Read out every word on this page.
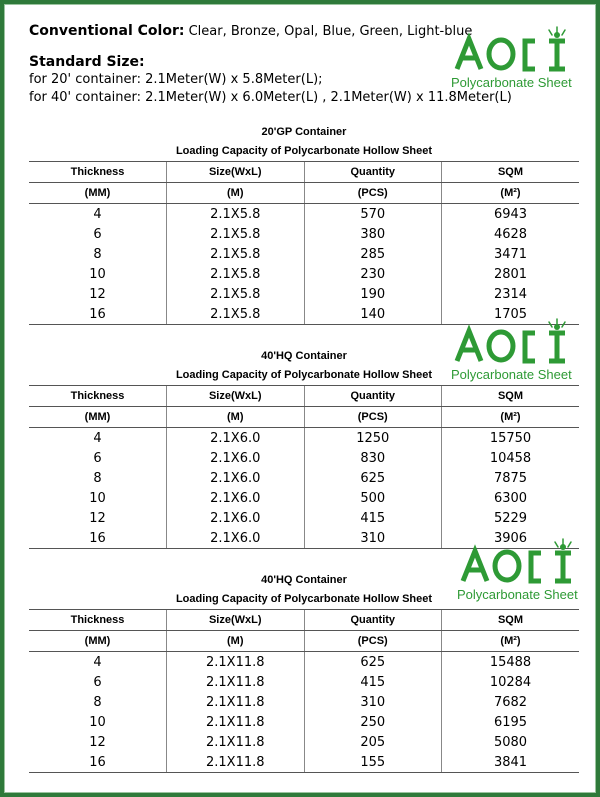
Conventional Color: Clear, Bronze, Opal, Blue, Green, Light-blue
Standard Size:
for 20' container: 2.1Meter(W) x 5.8Meter(L);
for 40' container: 2.1Meter(W) x 6.0Meter(L) , 2.1Meter(W) x 11.8Meter(L)
20'GP Container
Loading Capacity of Polycarbonate Hollow Sheet
Thickness	Size(WxL)	Quantity	SQM
(MM)	(M)	(PCS)	(M²)
4	2.1X5.8	570	6943
6	2.1X5.8	380	4628
8	2.1X5.8	285	3471
10	2.1X5.8	230	2801
12	2.1X5.8	190	2314
16	2.1X5.8	140	1705
40'HQ Container
Loading Capacity of Polycarbonate Hollow Sheet
Thickness	Size(WxL)	Quantity	SQM
(MM)	(M)	(PCS)	(M²)
4	2.1X6.0	1250	15750
6	2.1X6.0	830	10458
8	2.1X6.0	625	7875
10	2.1X6.0	500	6300
12	2.1X6.0	415	5229
16	2.1X6.0	310	3906
40'HQ Container
Loading Capacity of Polycarbonate Hollow Sheet
Thickness	Size(WxL)	Quantity	SQM
(MM)	(M)	(PCS)	(M²)
4	2.1X11.8	625	15488
6	2.1X11.8	415	10284
8	2.1X11.8	310	7682
10	2.1X11.8	250	6195
12	2.1X11.8	205	5080
16	2.1X11.8	155	3841
Polycarbonate Sheet
Polycarbonate Sheet
Polycarbonate Sheet
